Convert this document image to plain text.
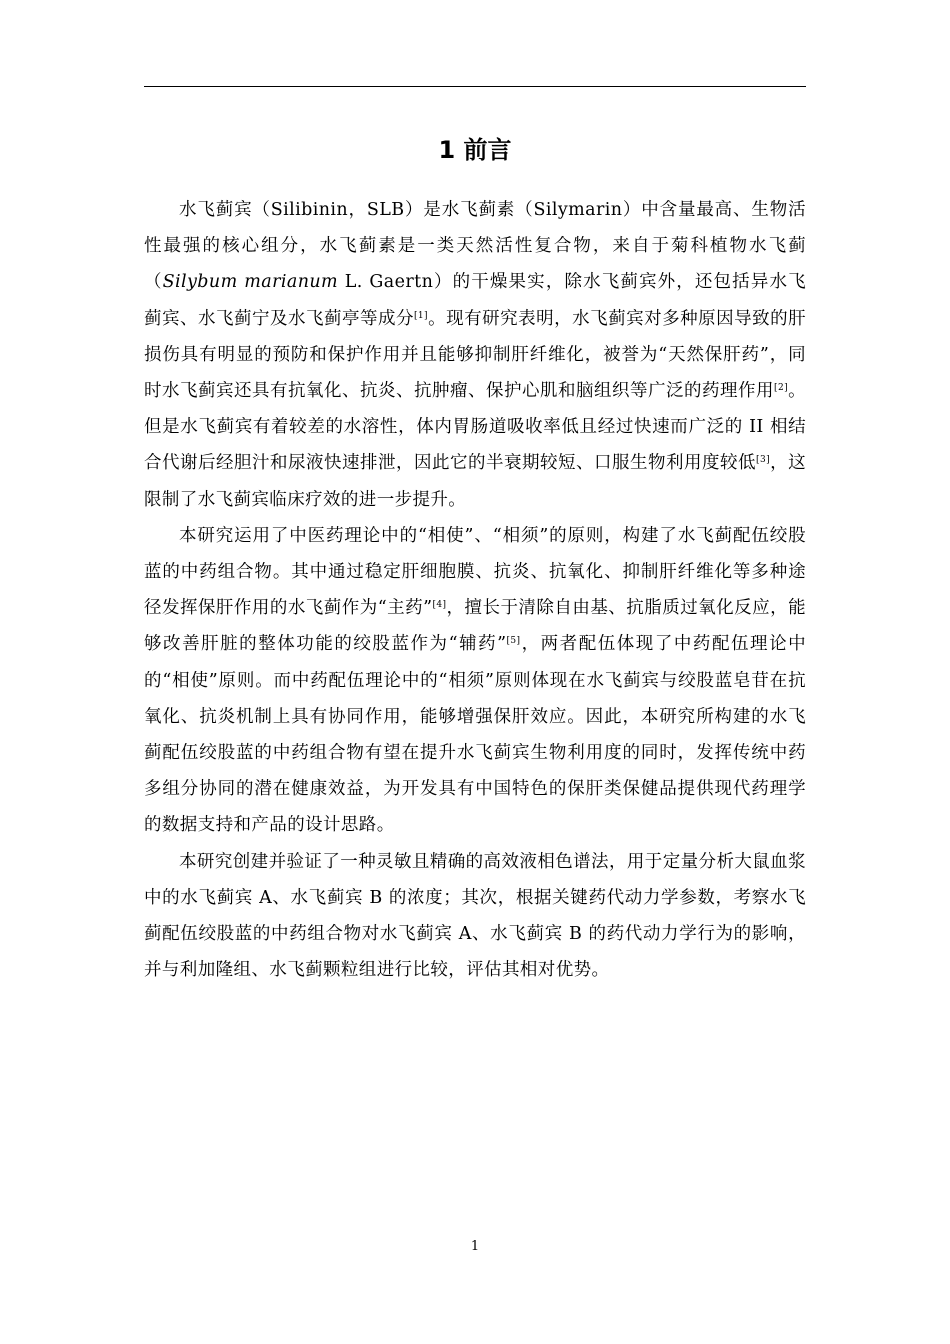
1 前言

水飞蓟宾（Silibinin，SLB）是水飞蓟素（Silymarin）中含量最高、生物活性最强的核心组分，水飞蓟素是一类天然活性复合物，来自于菊科植物水飞蓟（Silybum marianum L. Gaertn）的干燥果实，除水飞蓟宾外，还包括异水飞蓟宾、水飞蓟宁及水飞蓟亭等成分[1]。现有研究表明，水飞蓟宾对多种原因导致的肝损伤具有明显的预防和保护作用并且能够抑制肝纤维化，被誉为“天然保肝药”，同时水飞蓟宾还具有抗氧化、抗炎、抗肿瘤、保护心肌和脑组织等广泛的药理作用[2]。但是水飞蓟宾有着较差的水溶性，体内胃肠道吸收率低且经过快速而广泛的 II 相结合代谢后经胆汁和尿液快速排泄，因此它的半衰期较短、口服生物利用度较低[3]，这限制了水飞蓟宾临床疗效的进一步提升。

本研究运用了中医药理论中的“相使”、“相须”的原则，构建了水飞蓟配伍绞股蓝的中药组合物。其中通过稳定肝细胞膜、抗炎、抗氧化、抑制肝纤维化等多种途径发挥保肝作用的水飞蓟作为“主药”[4]，擅长于清除自由基、抗脂质过氧化反应，能够改善肝脏的整体功能的绞股蓝作为“辅药”[5]，两者配伍体现了中药配伍理论中的“相使”原则。而中药配伍理论中的“相须”原则体现在水飞蓟宾与绞股蓝皂苷在抗氧化、抗炎机制上具有协同作用，能够增强保肝效应。因此，本研究所构建的水飞蓟配伍绞股蓝的中药组合物有望在提升水飞蓟宾生物利用度的同时，发挥传统中药多组分协同的潜在健康效益，为开发具有中国特色的保肝类保健品提供现代药理学的数据支持和产品的设计思路。

本研究创建并验证了一种灵敏且精确的高效液相色谱法，用于定量分析大鼠血浆中的水飞蓟宾 A、水飞蓟宾 B 的浓度；其次，根据关键药代动力学参数，考察水飞蓟配伍绞股蓝的中药组合物对水飞蓟宾 A、水飞蓟宾 B 的药代动力学行为的影响，并与利加隆组、水飞蓟颗粒组进行比较，评估其相对优势。

1
